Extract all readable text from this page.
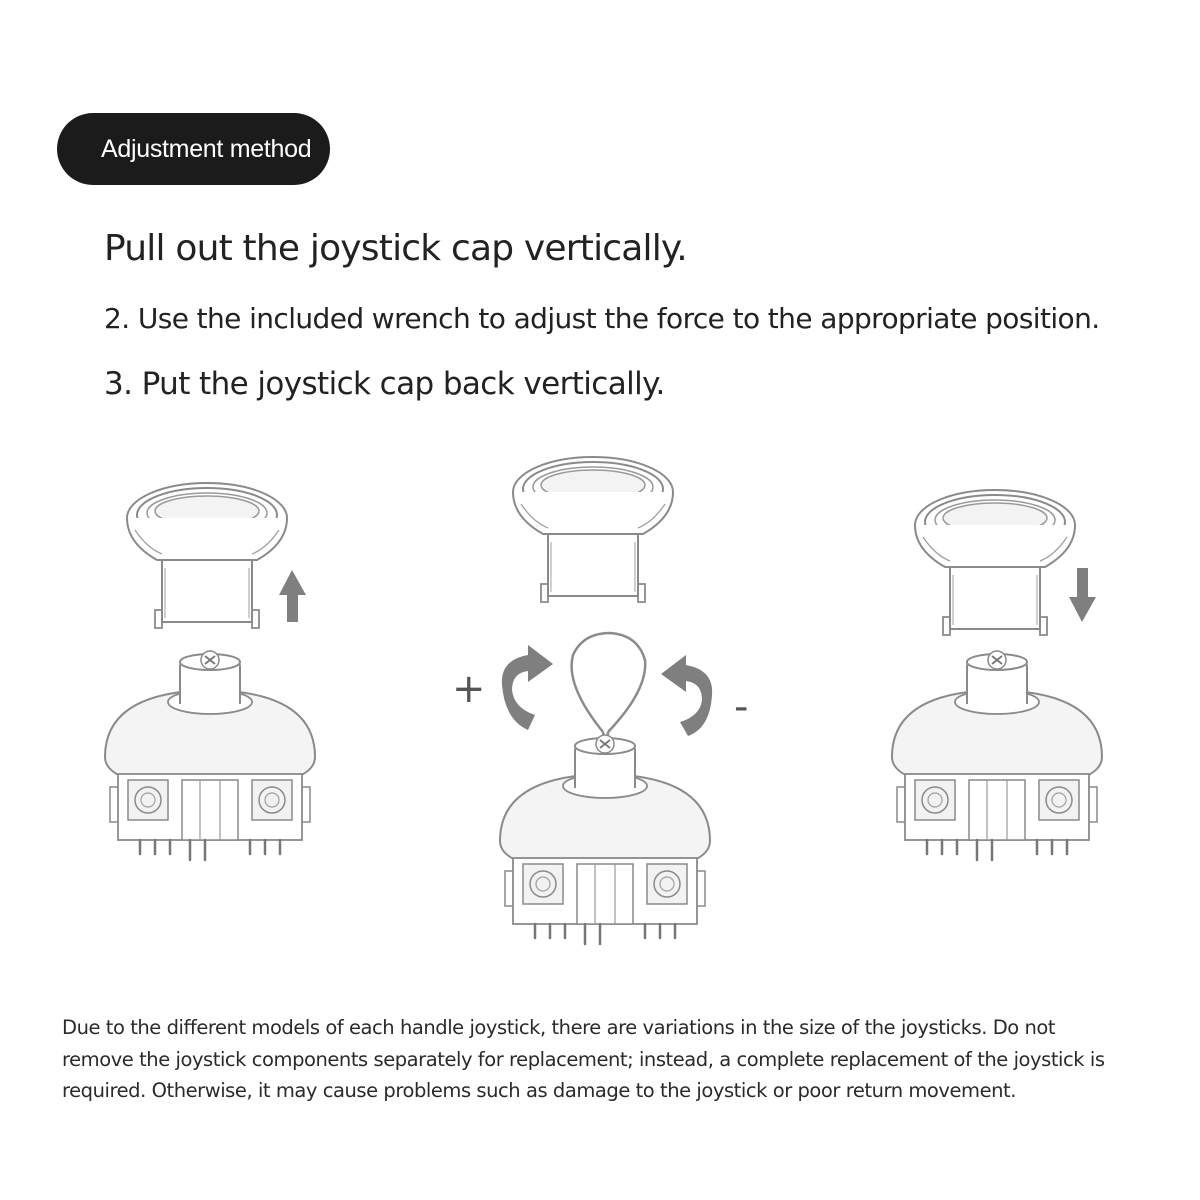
Adjustment method
Pull out the joystick cap vertically.
2. Use the included wrench to adjust the force to the appropriate position.
3. Put the joystick cap back vertically.
+	-
Due to the different models of each handle joystick, there are variations in the size of the joysticks. Do not
remove the joystick components separately for replacement; instead, a complete replacement of the joystick is
required. Otherwise, it may cause problems such as damage to the joystick or poor return movement.
